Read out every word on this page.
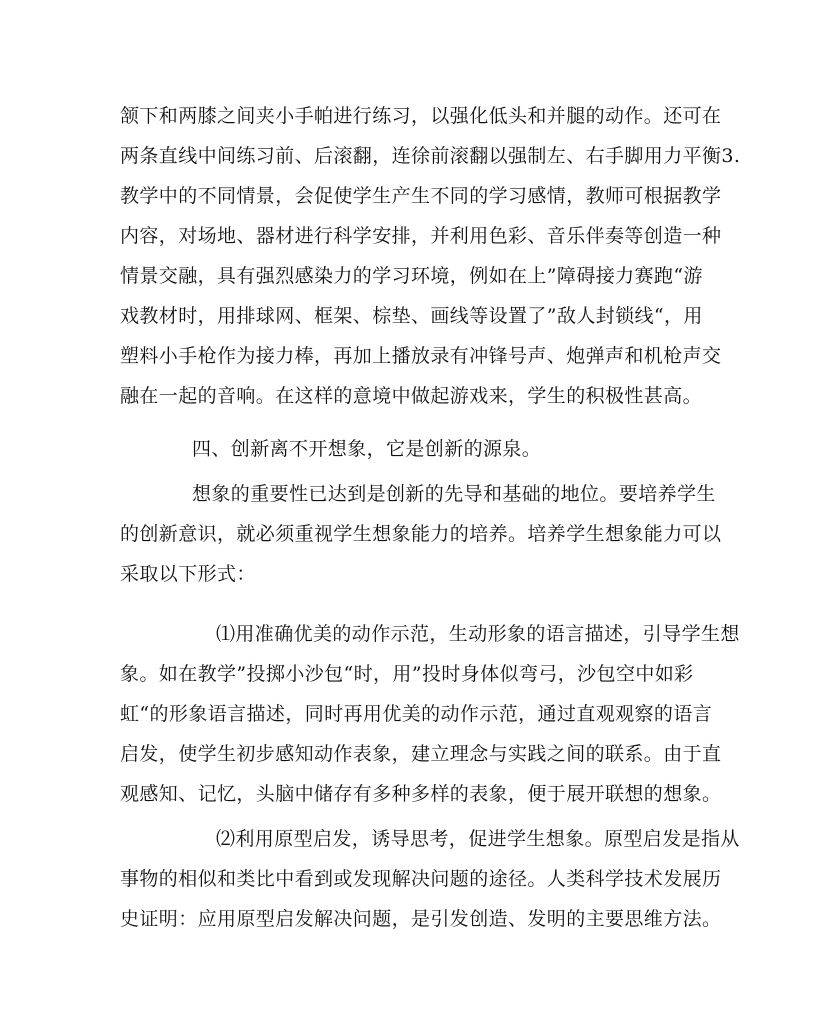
颔下和两膝之间夹小手帕进行练习，以强化低头和并腿的动作。还可在
两条直线中间练习前、后滚翻，连徐前滚翻以强制左、右手脚用力平衡3.
教学中的不同情景，会促使学生产生不同的学习感情，教师可根据教学
内容，对场地、器材进行科学安排，并利用色彩、音乐伴奏等创造一种
情景交融，具有强烈感染力的学习环境，例如在上”障碍接力赛跑“游
戏教材时，用排球网、框架、棕垫、画线等设置了”敌人封锁线“，用
塑料小手枪作为接力棒，再加上播放录有冲锋号声、炮弹声和机枪声交
融在一起的音响。在这样的意境中做起游戏来，学生的积极性甚高。
四、创新离不开想象，它是创新的源泉。
想象的重要性已达到是创新的先导和基础的地位。要培养学生
的创新意识，就必须重视学生想象能力的培养。培养学生想象能力可以
采取以下形式：
⑴用准确优美的动作示范，生动形象的语言描述，引导学生想
象。如在教学”投掷小沙包“时，用”投时身体似弯弓，沙包空中如彩
虹“的形象语言描述，同时再用优美的动作示范，通过直观观察的语言
启发，使学生初步感知动作表象，建立理念与实践之间的联系。由于直
观感知、记忆，头脑中储存有多种多样的表象，便于展开联想的想象。
⑵利用原型启发，诱导思考，促进学生想象。原型启发是指从
事物的相似和类比中看到或发现解决问题的途径。人类科学技术发展历
史证明：应用原型启发解决问题，是引发创造、发明的主要思维方法。
